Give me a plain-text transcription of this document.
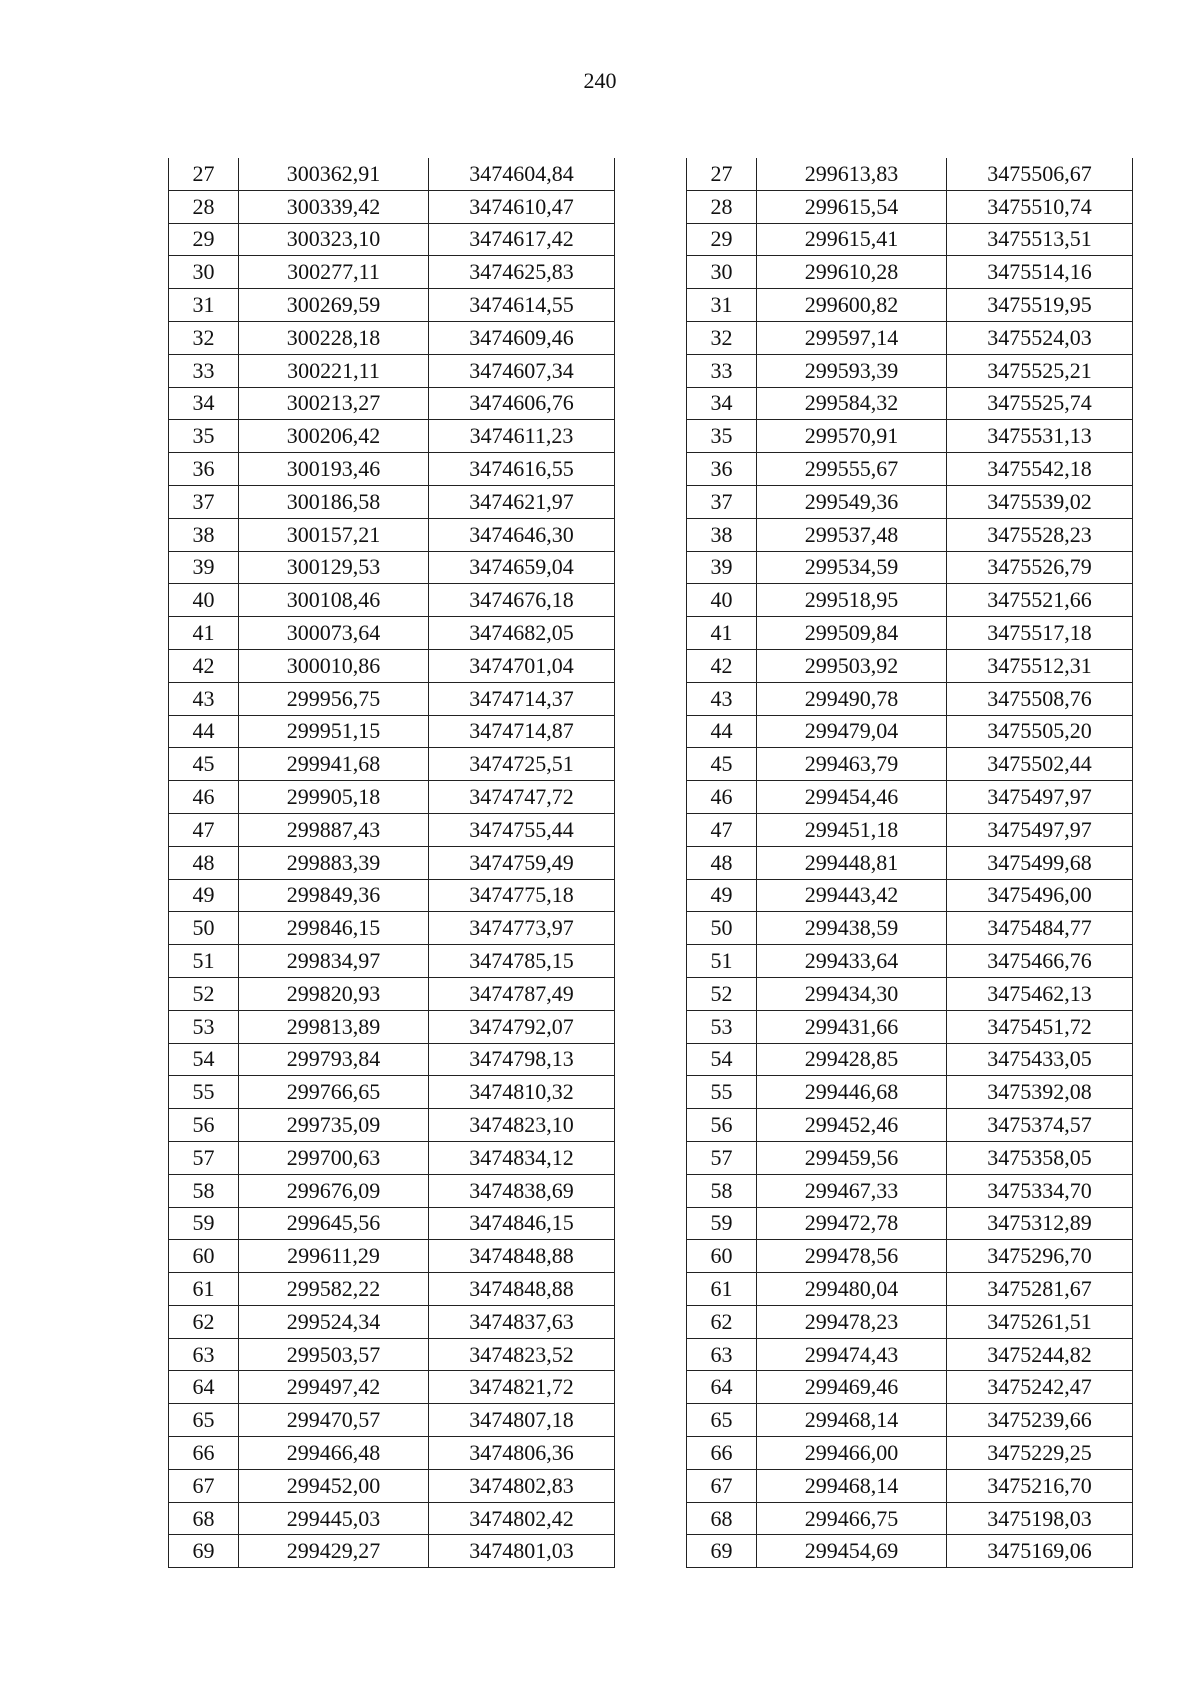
240
27	300362,91	3474604,84
28	300339,42	3474610,47
29	300323,10	3474617,42
30	300277,11	3474625,83
31	300269,59	3474614,55
32	300228,18	3474609,46
33	300221,11	3474607,34
34	300213,27	3474606,76
35	300206,42	3474611,23
36	300193,46	3474616,55
37	300186,58	3474621,97
38	300157,21	3474646,30
39	300129,53	3474659,04
40	300108,46	3474676,18
41	300073,64	3474682,05
42	300010,86	3474701,04
43	299956,75	3474714,37
44	299951,15	3474714,87
45	299941,68	3474725,51
46	299905,18	3474747,72
47	299887,43	3474755,44
48	299883,39	3474759,49
49	299849,36	3474775,18
50	299846,15	3474773,97
51	299834,97	3474785,15
52	299820,93	3474787,49
53	299813,89	3474792,07
54	299793,84	3474798,13
55	299766,65	3474810,32
56	299735,09	3474823,10
57	299700,63	3474834,12
58	299676,09	3474838,69
59	299645,56	3474846,15
60	299611,29	3474848,88
61	299582,22	3474848,88
62	299524,34	3474837,63
63	299503,57	3474823,52
64	299497,42	3474821,72
65	299470,57	3474807,18
66	299466,48	3474806,36
67	299452,00	3474802,83
68	299445,03	3474802,42
69	299429,27	3474801,03
27	299613,83	3475506,67
28	299615,54	3475510,74
29	299615,41	3475513,51
30	299610,28	3475514,16
31	299600,82	3475519,95
32	299597,14	3475524,03
33	299593,39	3475525,21
34	299584,32	3475525,74
35	299570,91	3475531,13
36	299555,67	3475542,18
37	299549,36	3475539,02
38	299537,48	3475528,23
39	299534,59	3475526,79
40	299518,95	3475521,66
41	299509,84	3475517,18
42	299503,92	3475512,31
43	299490,78	3475508,76
44	299479,04	3475505,20
45	299463,79	3475502,44
46	299454,46	3475497,97
47	299451,18	3475497,97
48	299448,81	3475499,68
49	299443,42	3475496,00
50	299438,59	3475484,77
51	299433,64	3475466,76
52	299434,30	3475462,13
53	299431,66	3475451,72
54	299428,85	3475433,05
55	299446,68	3475392,08
56	299452,46	3475374,57
57	299459,56	3475358,05
58	299467,33	3475334,70
59	299472,78	3475312,89
60	299478,56	3475296,70
61	299480,04	3475281,67
62	299478,23	3475261,51
63	299474,43	3475244,82
64	299469,46	3475242,47
65	299468,14	3475239,66
66	299466,00	3475229,25
67	299468,14	3475216,70
68	299466,75	3475198,03
69	299454,69	3475169,06
